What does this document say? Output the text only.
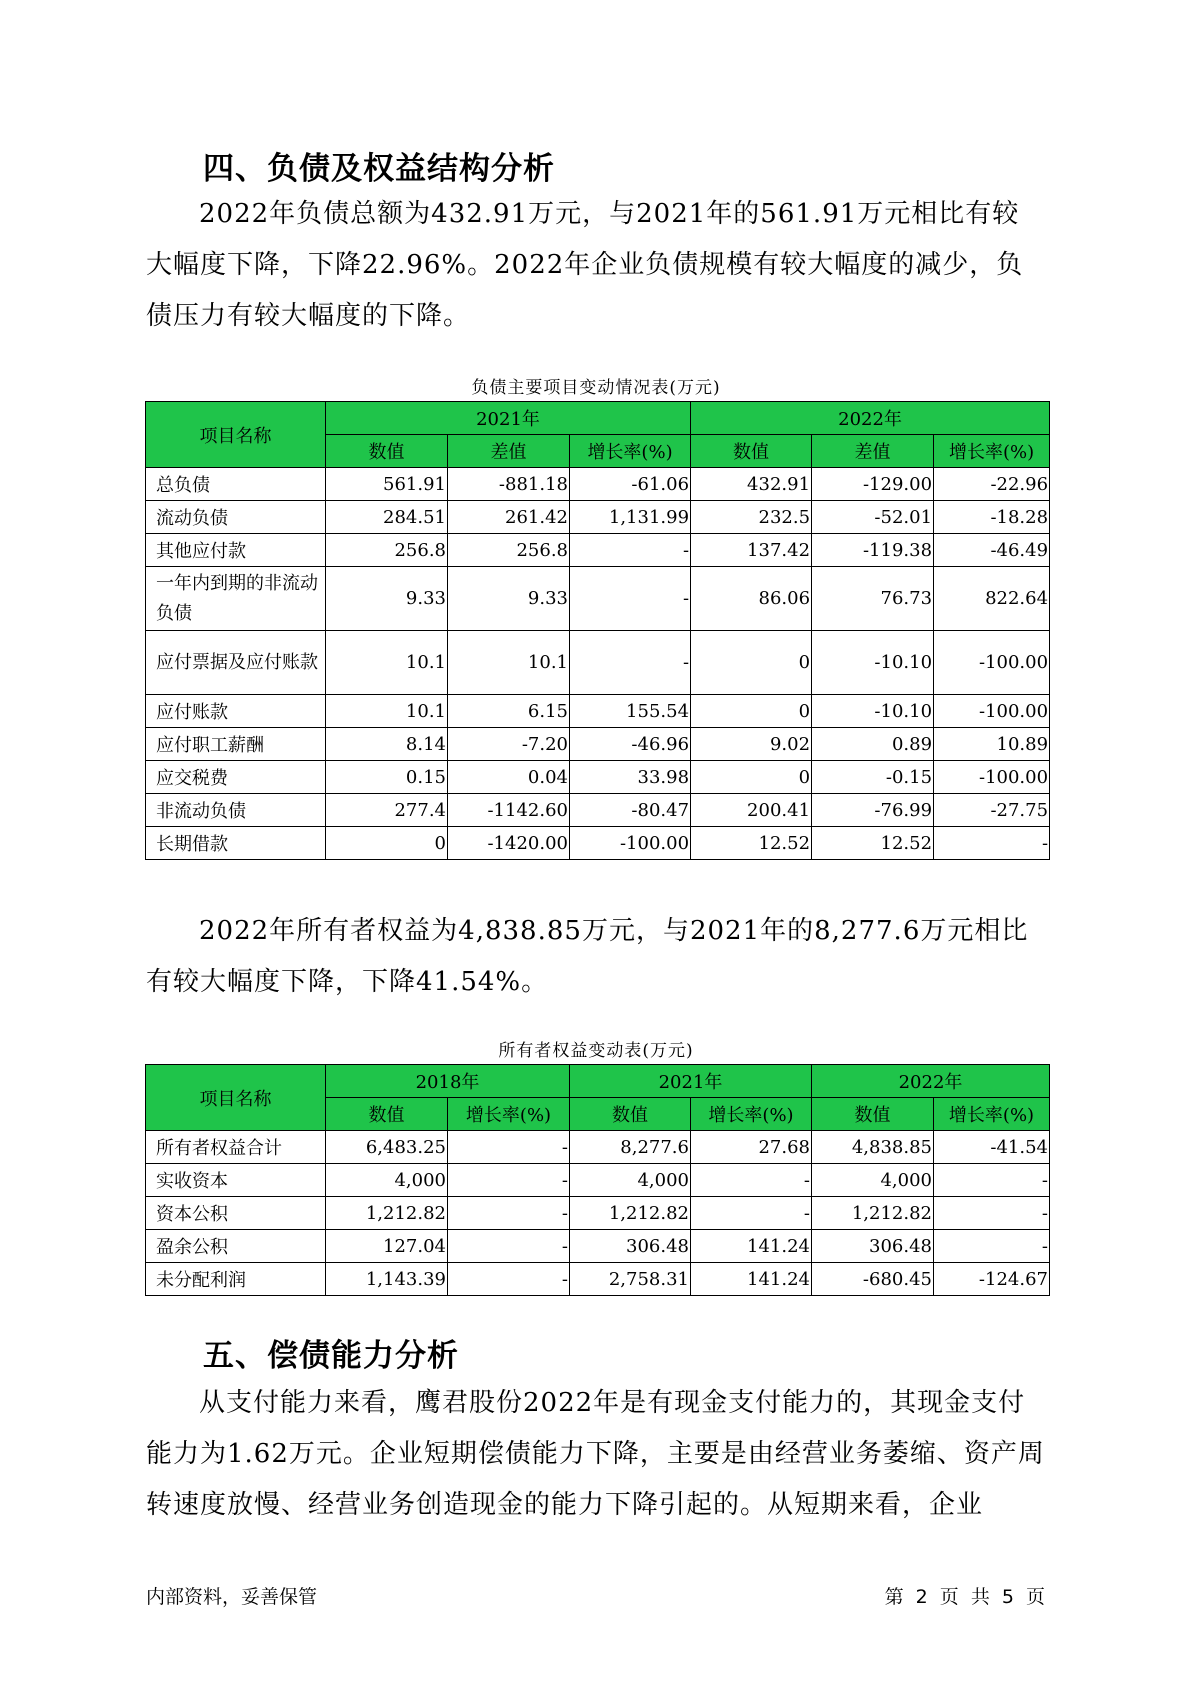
四、负债及权益结构分析
2022年负债总额为432.91万元，与2021年的561.91万元相比有较大幅度下降，下降22.96%。2022年企业负债规模有较大幅度的减少，负债压力有较大幅度的下降。
负债主要项目变动情况表(万元)
项目名称	2021年			2022年		
	数值	差值	增长率(%)	数值	差值	增长率(%)
总负债	561.91	-881.18	-61.06	432.91	-129.00	-22.96
流动负债	284.51	261.42	1,131.99	232.5	-52.01	-18.28
其他应付款	256.8	256.8	-	137.42	-119.38	-46.49
一年内到期的非流动负债	9.33	9.33	-	86.06	76.73	822.64
应付票据及应付账款	10.1	10.1	-	0	-10.10	-100.00
应付账款	10.1	6.15	155.54	0	-10.10	-100.00
应付职工薪酬	8.14	-7.20	-46.96	9.02	0.89	10.89
应交税费	0.15	0.04	33.98	0	-0.15	-100.00
非流动负债	277.4	-1142.60	-80.47	200.41	-76.99	-27.75
长期借款	0	-1420.00	-100.00	12.52	12.52	-
2022年所有者权益为4,838.85万元，与2021年的8,277.6万元相比有较大幅度下降，下降41.54%。
所有者权益变动表(万元)
项目名称	2018年		2021年		2022年	
	数值	增长率(%)	数值	增长率(%)	数值	增长率(%)
所有者权益合计	6,483.25	-	8,277.6	27.68	4,838.85	-41.54
实收资本	4,000	-	4,000	-	4,000	-
资本公积	1,212.82	-	1,212.82	-	1,212.82	-
盈余公积	127.04	-	306.48	141.24	306.48	-
未分配利润	1,143.39	-	2,758.31	141.24	-680.45	-124.67
五、偿债能力分析
从支付能力来看，鹰君股份2022年是有现金支付能力的，其现金支付能力为1.62万元。企业短期偿债能力下降，主要是由经营业务萎缩、资产周转速度放慢、经营业务创造现金的能力下降引起的。从短期来看，企业
内部资料，妥善保管	第 2 页 共 5 页
